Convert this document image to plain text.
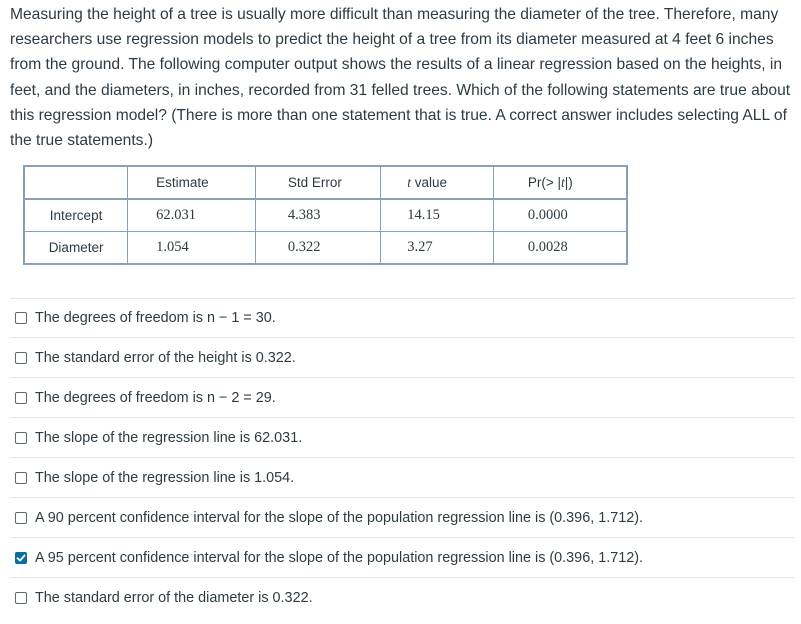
Measuring the height of a tree is usually more difficult than measuring the diameter of the tree. Therefore, many researchers use regression models to predict the height of a tree from its diameter measured at 4 feet 6 inches from the ground. The following computer output shows the results of a linear regression based on the heights, in feet, and the diameters, in inches, recorded from 31 felled trees. Which of the following statements are true about this regression model? (There is more than one statement that is true. A correct answer includes selecting ALL of the true statements.)

	Estimate	Std Error	t value	Pr(> |t|)
Intercept	62.031	4.383	14.15	0.0000
Diameter	1.054	0.322	3.27	0.0028
The degrees of freedom is n − 1 = 30.
The standard error of the height is 0.322.
The degrees of freedom is n − 2 = 29.
The slope of the regression line is 62.031.
The slope of the regression line is 1.054.
A 90 percent confidence interval for the slope of the population regression line is (0.396, 1.712).
A 95 percent confidence interval for the slope of the population regression line is (0.396, 1.712).
The standard error of the diameter is 0.322.
